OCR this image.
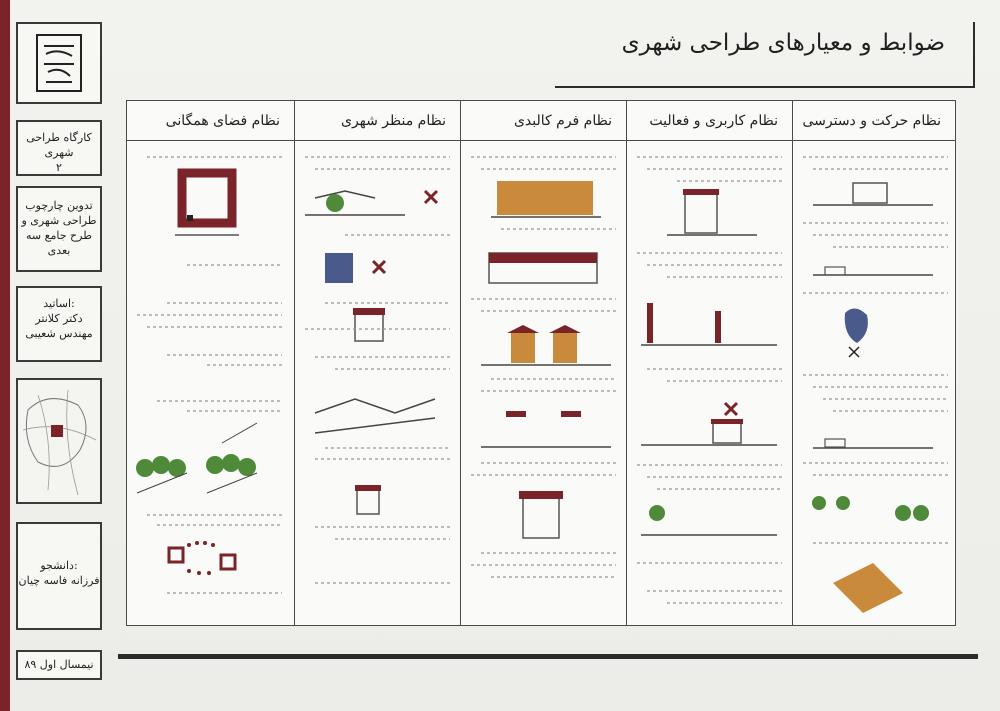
کارگاه طراحی شهری
۲
تدوین چارچوب
طراحی شهری و
طرح جامع سه بعدی
اساتید:
دکتر کلانتر
مهندس شعیبی
دانشجو:
فرزانه فاسه چیان
نیمسال اول ۸۹
ضوابط و معیارهای طراحی شهری
نظام فضای همگانی	نظام منظر شهری	نظام فرم کالبدی	نظام کاربری و فعالیت	نظام حرکت و دسترسی
